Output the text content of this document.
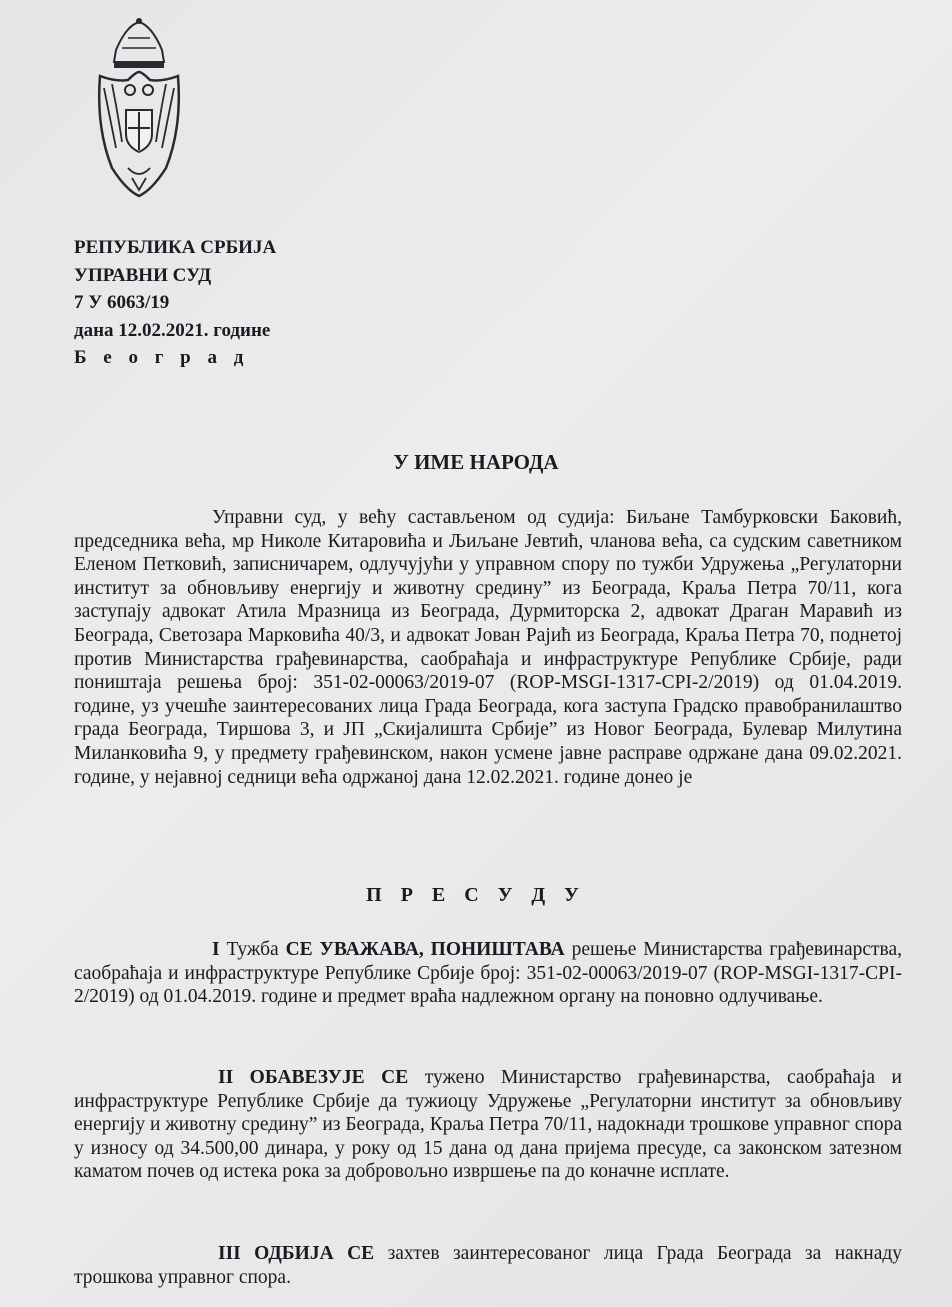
РЕПУБЛИКА СРБИЈА
УПРАВНИ СУД
7 У 6063/19
дана 12.02.2021. године
Б е о г р а д
У ИМЕ НАРОДА
Управни суд, у већу састављеном од судија: Биљане Тамбурковски Баковић, председника већа, мр Николе Китаровића и Љиљане Јевтић, чланова већа, са судским саветником Еленом Петковић, записничарем, одлучујући у управном спору по тужби Удружења „Регулаторни институт за обновљиву енергију и животну средину” из Београда, Краља Петра 70/11, кога заступају адвокат Атила Мразница из Београда, Дурмиторска 2, адвокат Драган Маравић из Београда, Светозара Марковића 40/3, и адвокат Јован Рајић из Београда, Краља Петра 70, поднетој против Министарства грађевинарства, саобраћаја и инфраструктуре Републике Србије, ради поништаја решења број: 351-02-00063/2019-07 (ROP-MSGI-1317-CPI-2/2019) од 01.04.2019. године, уз учешће заинтересованих лица Града Београда, кога заступа Градско правобранилаштво града Београда, Тиршова 3, и ЈП „Скијалишта Србије” из Новог Београда, Булевар Милутина Миланковића 9, у предмету грађевинском, након усмене јавне расправе одржане дана 09.02.2021. године, у нејавној седници већа одржаној дана 12.02.2021. године донео је
П Р Е С У Д У
I Тужба СЕ УВАЖАВА, ПОНИШТАВА решење Министарства грађевинарства, саобраћаја и инфраструктуре Републике Србије број: 351-02-00063/2019-07 (ROP-MSGI-1317-CPI-2/2019) од 01.04.2019. године и предмет враћа надлежном органу на поновно одлучивање.
II ОБАВЕЗУЈЕ СЕ тужено Министарство грађевинарства, саобраћаја и инфраструктуре Републике Србије да тужиоцу Удружење „Регулаторни институт за обновљиву енергију и животну средину” из Београда, Краља Петра 70/11, надокнади трошкове управног спора у износу од 34.500,00 динара, у року од 15 дана од дана пријема пресуде, са законском затезном каматом почев од истека рока за добровољно извршење па до коначне исплате.
III ОДБИЈА СЕ захтев заинтересованог лица Града Београда за накнаду трошкова управног спора.
